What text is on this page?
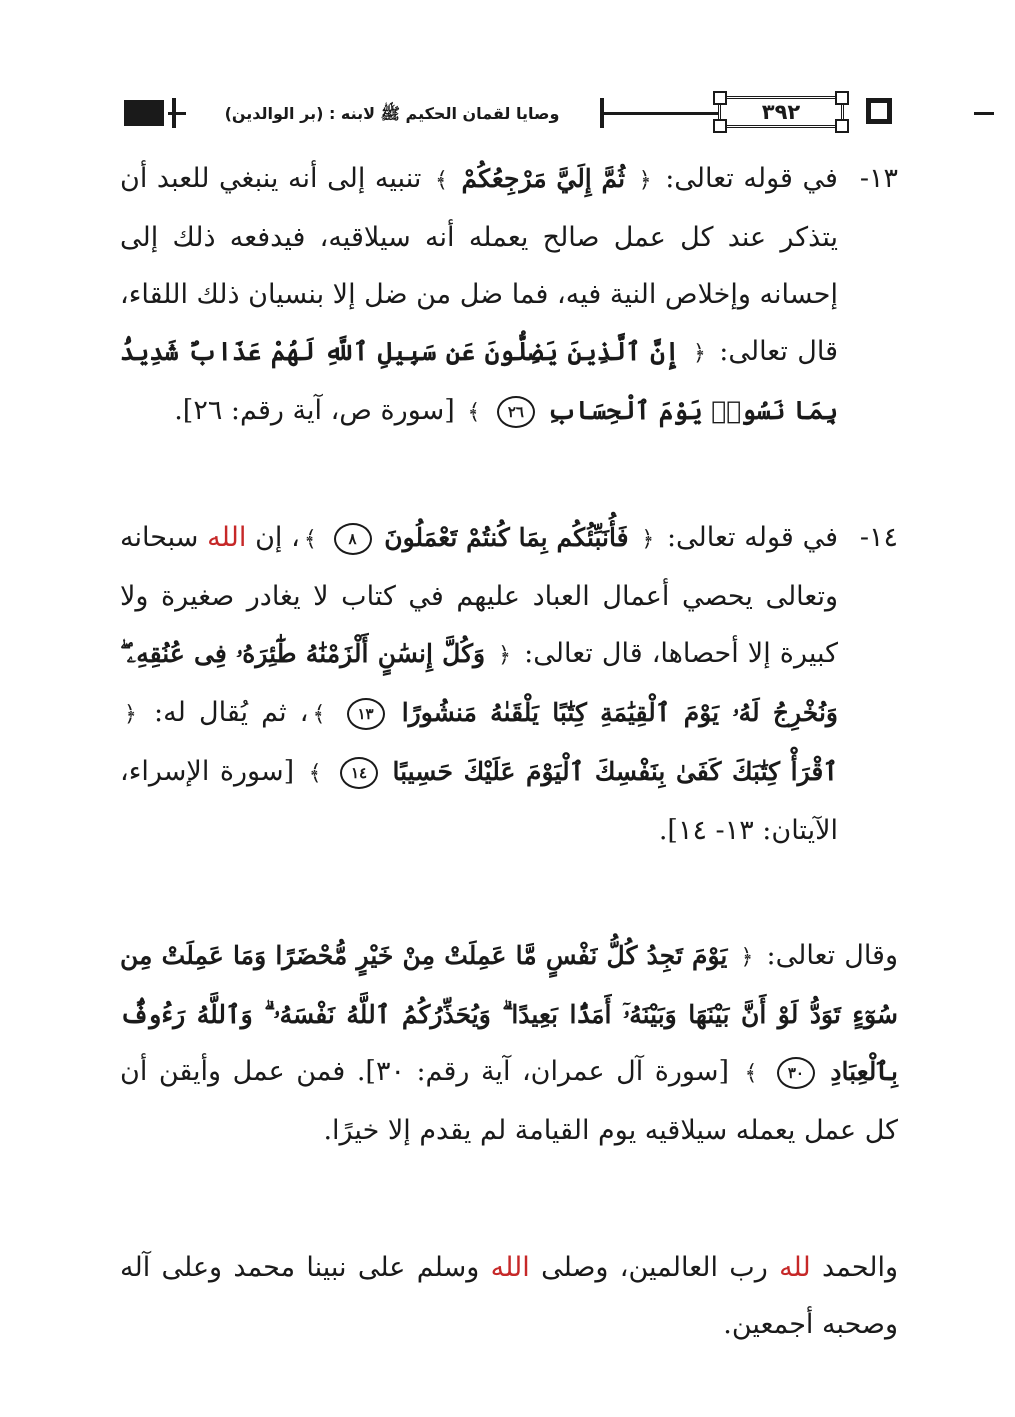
وصايا لقمان الحكيم ﷺ لابنه : (بر الوالدين)	٣٩٢
١٣-
في قوله تعالى: ﴿ ثُمَّ إِلَيَّ مَرْجِعُكُمْ ﴾ تنبيه إلى أنه ينبغي للعبد أن يتذكر عند كل عمل صالح يعمله أنه سيلاقيه، فيدفعه ذلك إلى إحسانه وإخلاص النية فيه، فما ضل من ضل إلا بنسيان ذلك اللقاء، قال تعالى: ﴿ إِنَّ ٱلَّذِينَ يَضِلُّونَ عَن سَبِيلِ ٱللَّهِ لَهُمْ عَذَابٌ شَدِيدُۢ بِمَا نَسُوا۟ يَوْمَ ٱلْحِسَابِ ٢٦ ﴾ [سورة ص، آية رقم: ٢٦].
١٤-
في قوله تعالى: ﴿ فَأُنَبِّئُكُم بِمَا كُنتُمْ تَعْمَلُونَ ٨ ﴾، إن الله سبحانه وتعالى يحصي أعمال العباد عليهم في كتاب لا يغادر صغيرة ولا كبيرة إلا أحصاها، قال تعالى: ﴿ وَكُلَّ إِنسَٰنٍ أَلْزَمْنَٰهُ طَٰٓئِرَهُۥ فِى عُنُقِهِۦ ۖ وَنُخْرِجُ لَهُۥ يَوْمَ ٱلْقِيَٰمَةِ كِتَٰبًا يَلْقَىٰهُ مَنشُورًا ١٣ ﴾، ثم يُقال له: ﴿ ٱقْرَأْ كِتَٰبَكَ كَفَىٰ بِنَفْسِكَ ٱلْيَوْمَ عَلَيْكَ حَسِيبًا ١٤ ﴾ [سورة الإسراء، الآيتان: ١٣- ١٤].
وقال تعالى: ﴿ يَوْمَ تَجِدُ كُلُّ نَفْسٍ مَّا عَمِلَتْ مِنْ خَيْرٍ مُّحْضَرًا وَمَا عَمِلَتْ مِن سُوٓءٍ تَوَدُّ لَوْ أَنَّ بَيْنَهَا وَبَيْنَهُۥٓ أَمَدًۢا بَعِيدًا ۗ وَيُحَذِّرُكُمُ ٱللَّهُ نَفْسَهُۥ ۗ وَٱللَّهُ رَءُوفٌۢ بِٱلْعِبَادِ ٣٠ ﴾ [سورة آل عمران، آية رقم: ٣٠]. فمن عمل وأيقن أن كل عمل يعمله سيلاقيه يوم القيامة لم يقدم إلا خيرًا.
والحمد لله رب العالمين، وصلى الله وسلم على نبينا محمد وعلى آله وصحبه أجمعين.
